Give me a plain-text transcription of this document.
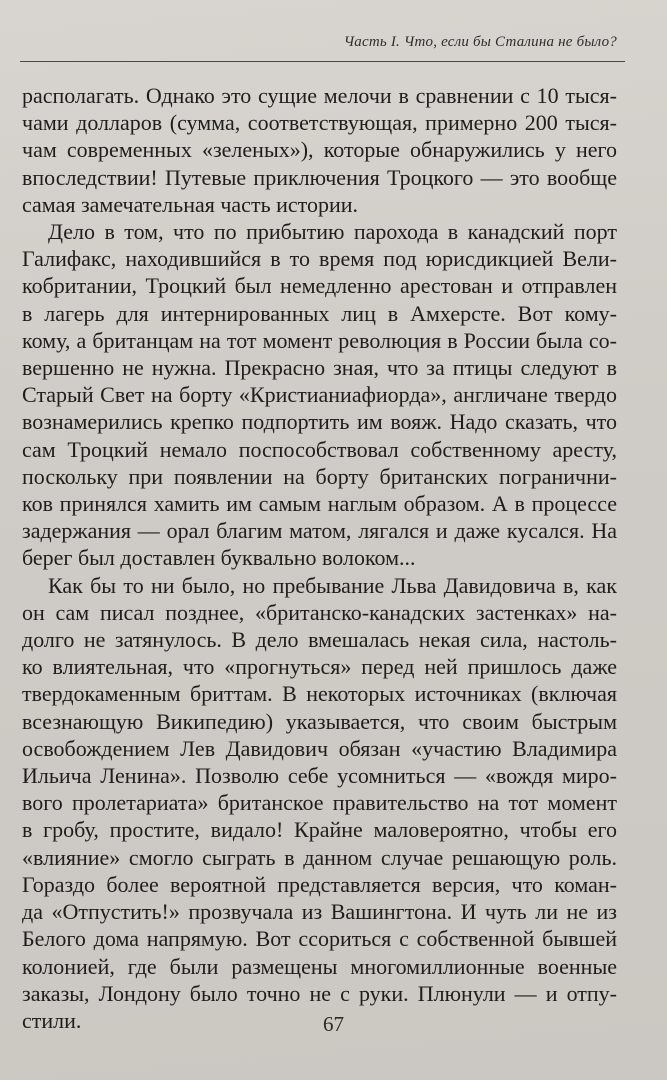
Часть I. Что, если бы Сталина не было?
располагать. Однако это сущие мелочи в сравнении с 10 тыся-
чами долларов (сумма, соответствующая, примерно 200 тыся-
чам современных «зеленых»), которые обнаружились у него
впоследствии! Путевые приключения Троцкого — это вообще
самая замечательная часть истории.
Дело в том, что по прибытию парохода в канадский порт
Галифакс, находившийся в то время под юрисдикцией Вели-
кобритании, Троцкий был немедленно арестован и отправлен
в лагерь для интернированных лиц в Амхерсте. Вот кому-
кому, а британцам на тот момент революция в России была со-
вершенно не нужна. Прекрасно зная, что за птицы следуют в
Старый Свет на борту «Кристианиафиорда», англичане твердо
вознамерились крепко подпортить им вояж. Надо сказать, что
сам Троцкий немало поспособствовал собственному аресту,
поскольку при появлении на борту британских погранични-
ков принялся хамить им самым наглым образом. А в процессе
задержания — орал благим матом, лягался и даже кусался. На
берег был доставлен буквально волоком...
Как бы то ни было, но пребывание Льва Давидовича в, как
он сам писал позднее, «британско-канадских застенках» на-
долго не затянулось. В дело вмешалась некая сила, настоль-
ко влиятельная, что «прогнуться» перед ней пришлось даже
твердокаменным бриттам. В некоторых источниках (включая
всезнающую Википедию) указывается, что своим быстрым
освобождением Лев Давидович обязан «участию Владимира
Ильича Ленина». Позволю себе усомниться — «вождя миро-
вого пролетариата» британское правительство на тот момент
в гробу, простите, видало! Крайне маловероятно, чтобы его
«влияние» смогло сыграть в данном случае решающую роль.
Гораздо более вероятной представляется версия, что коман-
да «Отпустить!» прозвучала из Вашингтона. И чуть ли не из
Белого дома напрямую. Вот ссориться с собственной бывшей
колонией, где были размещены многомиллионные военные
заказы, Лондону было точно не с руки. Плюнули — и отпу-
стили.	67
